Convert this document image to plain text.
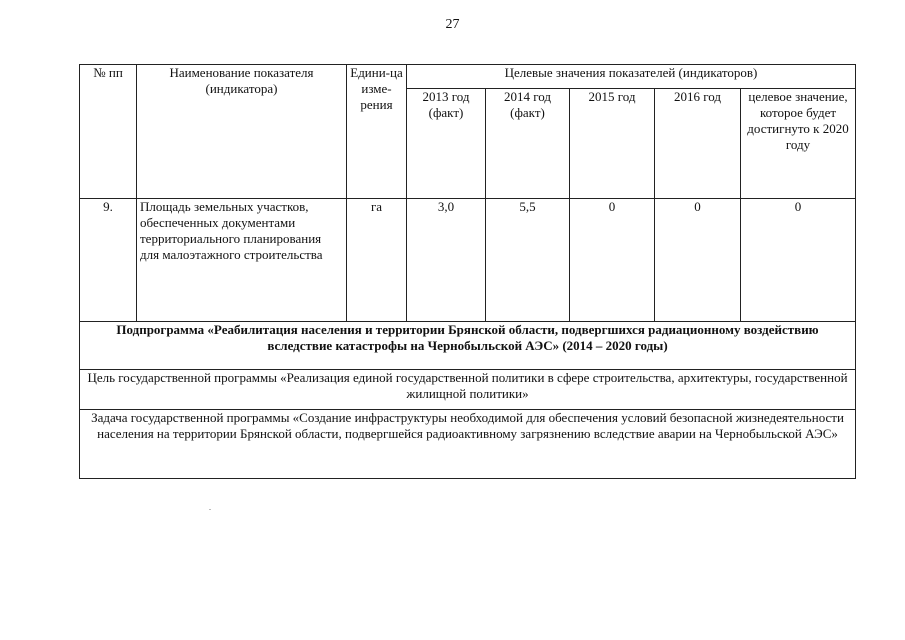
27
№ пп	Наименование показателя (индикатора)	Едини-ца изме-рения	Целевые значения показателей (индикаторов)				
			2013 год (факт)	2014 год (факт)	2015 год	2016 год	целевое значение, которое будет достигнуто к 2020 году
9.	Площадь земельных участков, обеспеченных документами территориального планирования для малоэтажного строительства	га	3,0	5,5	0	0	0
Подпрограмма «Реабилитация населения и территории Брянской области, подвергшихся радиационному воздействию вследствие катастрофы на Чернобыльской АЭС» (2014 – 2020 годы)							
Цель государственной программы «Реализация единой государственной политики в сфере строительства, архитектуры, государственной жилищной политики»							
Задача государственной программы «Создание инфраструктуры необходимой для обеспечения условий безопасной жизнедеятельности населения на территории Брянской области, подвергшейся радиоактивному загрязнению вследствие аварии на Чернобыльской АЭС»							
